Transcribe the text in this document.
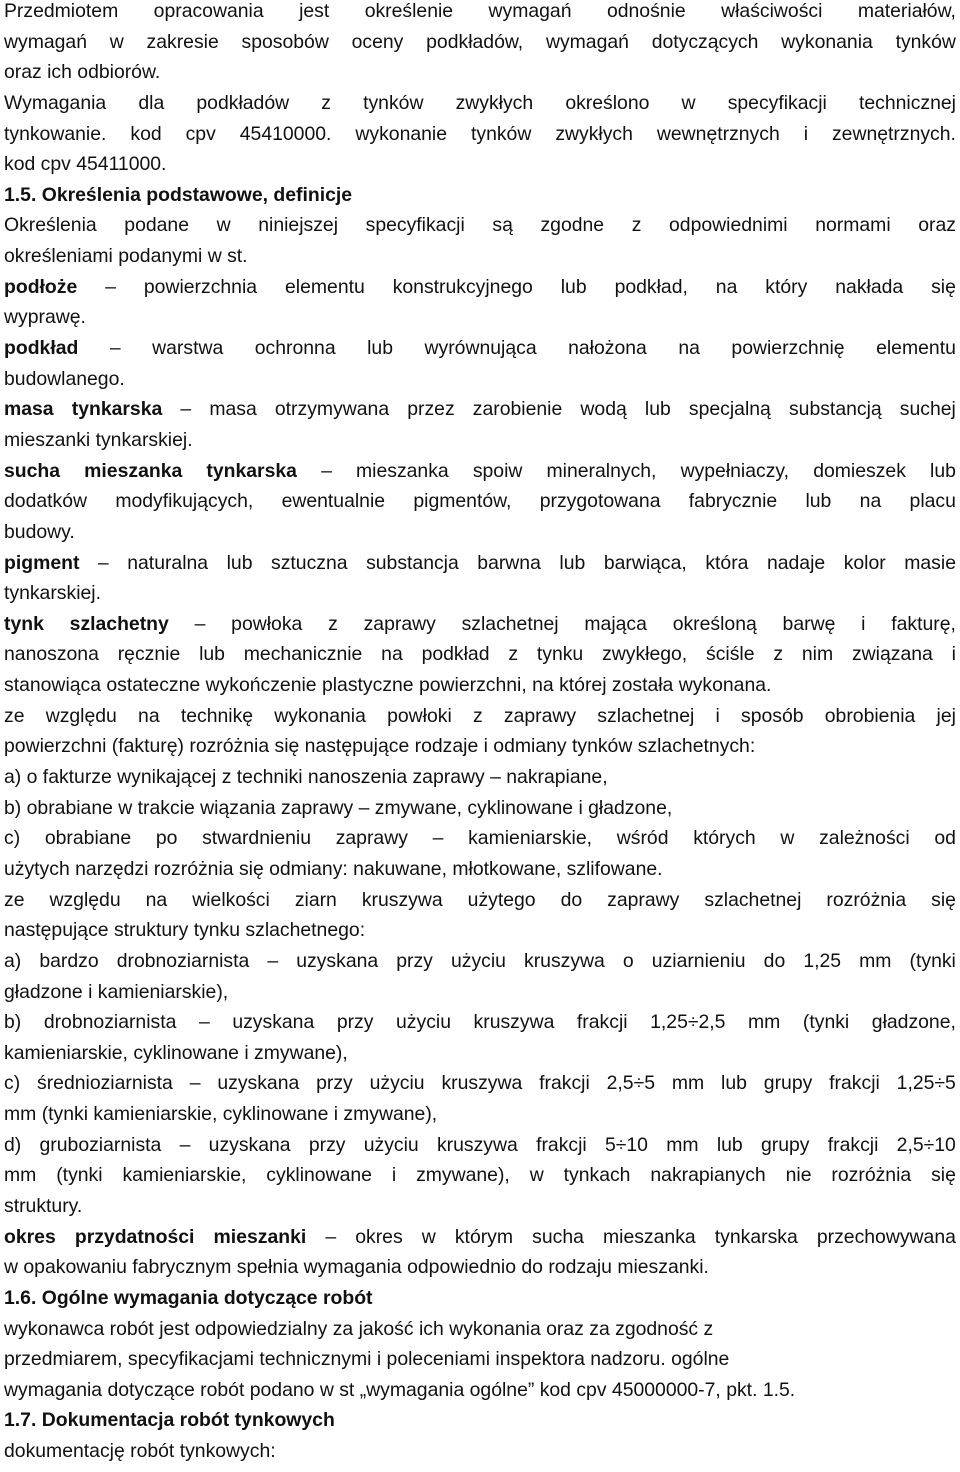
Przedmiotem opracowania jest określenie wymagań odnośnie właściwości materiałów,
wymagań w zakresie sposobów oceny podkładów, wymagań dotyczących wykonania tynków
oraz ich odbiorów.
Wymagania dla podkładów z tynków zwykłych określono w specyfikacji technicznej
tynkowanie. kod cpv 45410000. wykonanie tynków zwykłych wewnętrznych i zewnętrznych.
kod cpv 45411000.
1.5. Określenia podstawowe, definicje
Określenia podane w niniejszej specyfikacji są zgodne z odpowiednimi normami oraz
określeniami podanymi w st.
podłoże – powierzchnia elementu konstrukcyjnego lub podkład, na który nakłada się
wyprawę.
podkład – warstwa ochronna lub wyrównująca nałożona na powierzchnię elementu
budowlanego.
masa tynkarska – masa otrzymywana przez zarobienie wodą lub specjalną substancją suchej
mieszanki tynkarskiej.
sucha mieszanka tynkarska – mieszanka spoiw mineralnych, wypełniaczy, domieszek lub
dodatków modyfikujących, ewentualnie pigmentów, przygotowana fabrycznie lub na placu
budowy.
pigment – naturalna lub sztuczna substancja barwna lub barwiąca, która nadaje kolor masie
tynkarskiej.
tynk szlachetny – powłoka z zaprawy szlachetnej mająca określoną barwę i fakturę,
nanoszona ręcznie lub mechanicznie na podkład z tynku zwykłego, ściśle z nim związana i
stanowiąca ostateczne wykończenie plastyczne powierzchni, na której została wykonana.
ze względu na technikę wykonania powłoki z zaprawy szlachetnej i sposób obrobienia jej
powierzchni (fakturę) rozróżnia się następujące rodzaje i odmiany tynków szlachetnych:
a) o fakturze wynikającej z techniki nanoszenia zaprawy – nakrapiane,
b) obrabiane w trakcie wiązania zaprawy – zmywane, cyklinowane i gładzone,
c) obrabiane po stwardnieniu zaprawy – kamieniarskie, wśród których w zależności od
użytych narzędzi rozróżnia się odmiany: nakuwane, młotkowane, szlifowane.
ze względu na wielkości ziarn kruszywa użytego do zaprawy szlachetnej rozróżnia się
następujące struktury tynku szlachetnego:
a) bardzo drobnoziarnista – uzyskana przy użyciu kruszywa o uziarnieniu do 1,25 mm (tynki
gładzone i kamieniarskie),
b) drobnoziarnista – uzyskana przy użyciu kruszywa frakcji 1,25÷2,5 mm (tynki gładzone,
kamieniarskie, cyklinowane i zmywane),
c) średnioziarnista – uzyskana przy użyciu kruszywa frakcji 2,5÷5 mm lub grupy frakcji 1,25÷5
mm (tynki kamieniarskie, cyklinowane i zmywane),
d) gruboziarnista – uzyskana przy użyciu kruszywa frakcji 5÷10 mm lub grupy frakcji 2,5÷10
mm (tynki kamieniarskie, cyklinowane i zmywane), w tynkach nakrapianych nie rozróżnia się
struktury.
okres przydatności mieszanki – okres w którym sucha mieszanka tynkarska przechowywana
w opakowaniu fabrycznym spełnia wymagania odpowiednio do rodzaju mieszanki.
1.6. Ogólne wymagania dotyczące robót
wykonawca robót jest odpowiedzialny za jakość ich wykonania oraz za zgodność z
przedmiarem, specyfikacjami technicznymi i poleceniami inspektora nadzoru. ogólne
wymagania dotyczące robót podano w st „wymagania ogólne” kod cpv 45000000-7, pkt. 1.5.
1.7. Dokumentacja robót tynkowych
dokumentację robót tynkowych:
